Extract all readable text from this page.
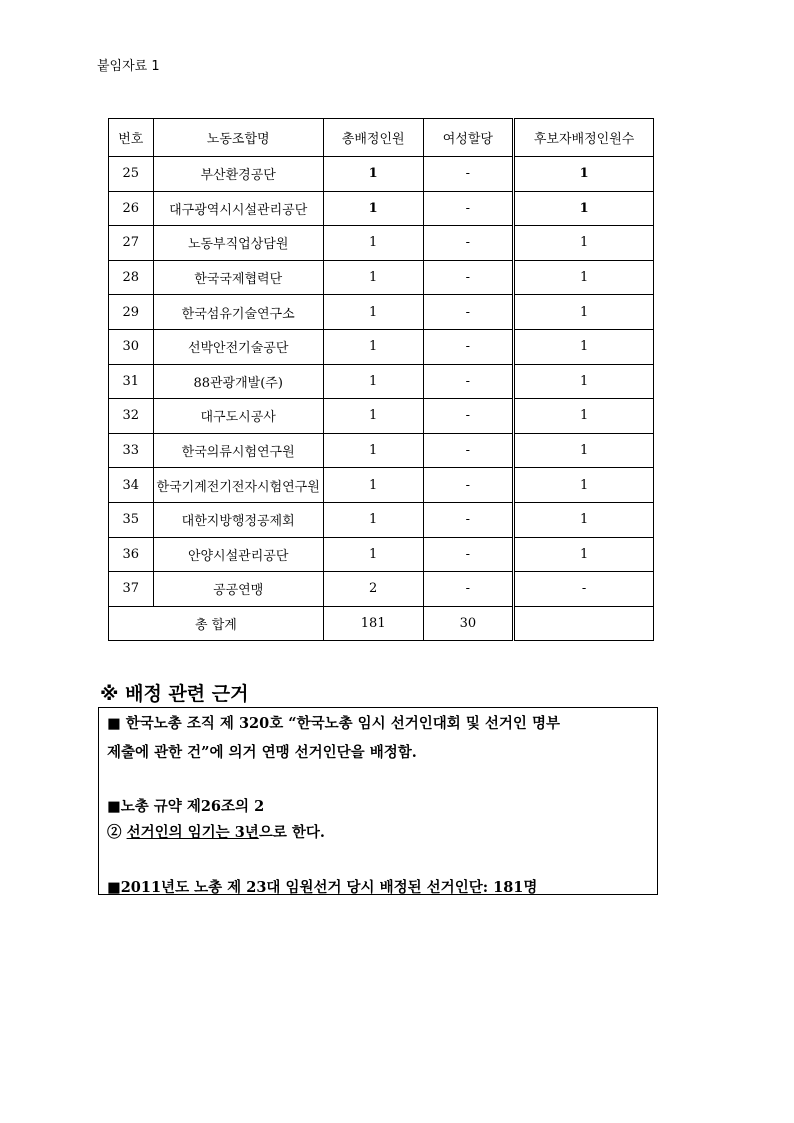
붙임자료 1
번호	노동조합명	총배정인원	여성할당	후보자배정인원수
25	부산환경공단	1	-	1
26	대구광역시시설관리공단	1	-	1
27	노동부직업상담원	1	-	1
28	한국국제협력단	1	-	1
29	한국섬유기술연구소	1	-	1
30	선박안전기술공단	1	-	1
31	88관광개발(주)	1	-	1
32	대구도시공사	1	-	1
33	한국의류시험연구원	1	-	1
34	한국기계전기전자시험연구원	1	-	1
35	대한지방행정공제회	1	-	1
36	안양시설관리공단	1	-	1
37	공공연맹	2	-	-
총 합계		181	30	
※ 배정 관련 근거
■ 한국노총 조직 제 320호 “한국노총 임시 선거인대회 및 선거인 명부
제출에 관한 건”에 의거 연맹 선거인단을 배정함.
■노총 규약 제26조의 2
② 선거인의 임기는 3년으로 한다.
■2011년도 노총 제 23대 임원선거 당시 배정된 선거인단: 181명
